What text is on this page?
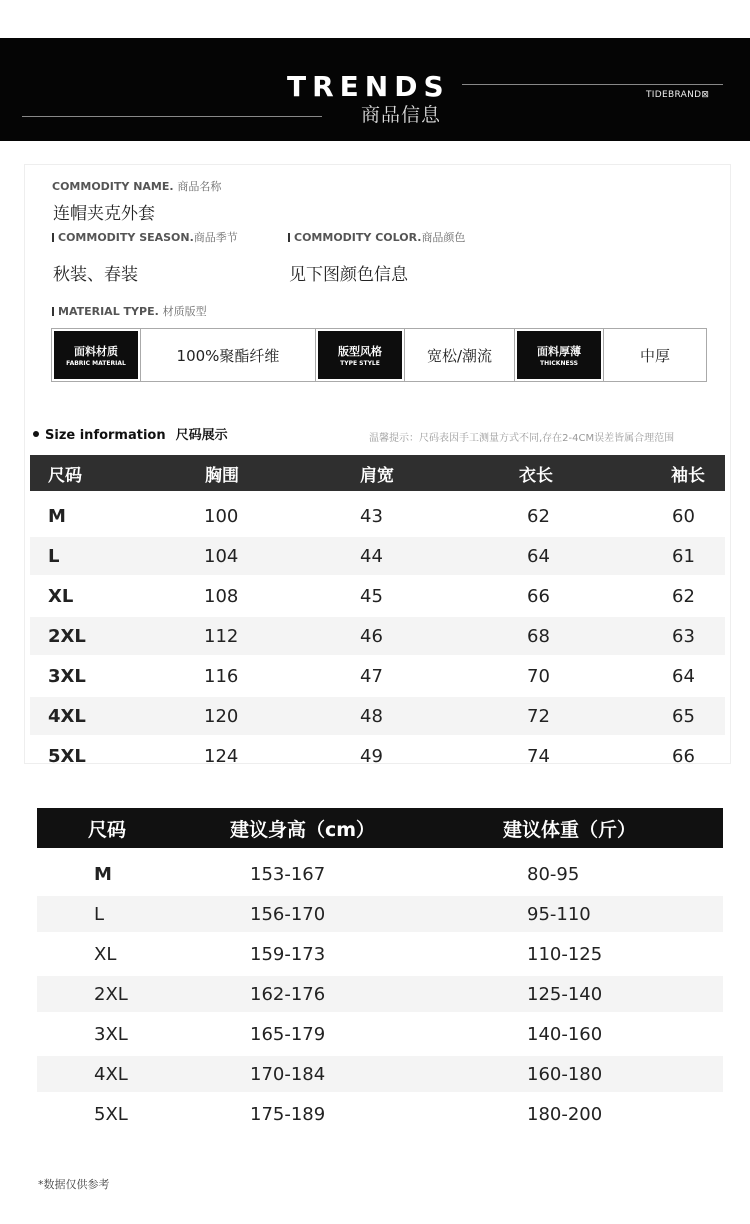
TRENDS
商品信息
TIDEBRAND⊠
COMMODITY NAME. 商品名称
连帽夹克外套
COMMODITY SEASON.商品季节
秋装、春装
COMMODITY COLOR.商品颜色
见下图颜色信息
MATERIAL TYPE. 材质版型
面料材质
FABRIC MATERIAL	100%聚酯纤维	版型风格
TYPE STYLE	宽松/潮流	面料厚薄
THICKNESS	中厚
Size information 尺码展示	温馨提示：尺码表因手工测量方式不同,存在2-4CM误差皆属合理范围
尺码	胸围	肩宽	衣长	袖长
M	100	43	62	60
L	104	44	64	61
XL	108	45	66	62
2XL	112	46	68	63
3XL	116	47	70	64
4XL	120	48	72	65
5XL	124	49	74	66
尺码	建议身高（cm）	建议体重（斤）
M	153-167	80-95
L	156-170	95-110
XL	159-173	110-125
2XL	162-176	125-140
3XL	165-179	140-160
4XL	170-184	160-180
5XL	175-189	180-200
*数据仅供参考
